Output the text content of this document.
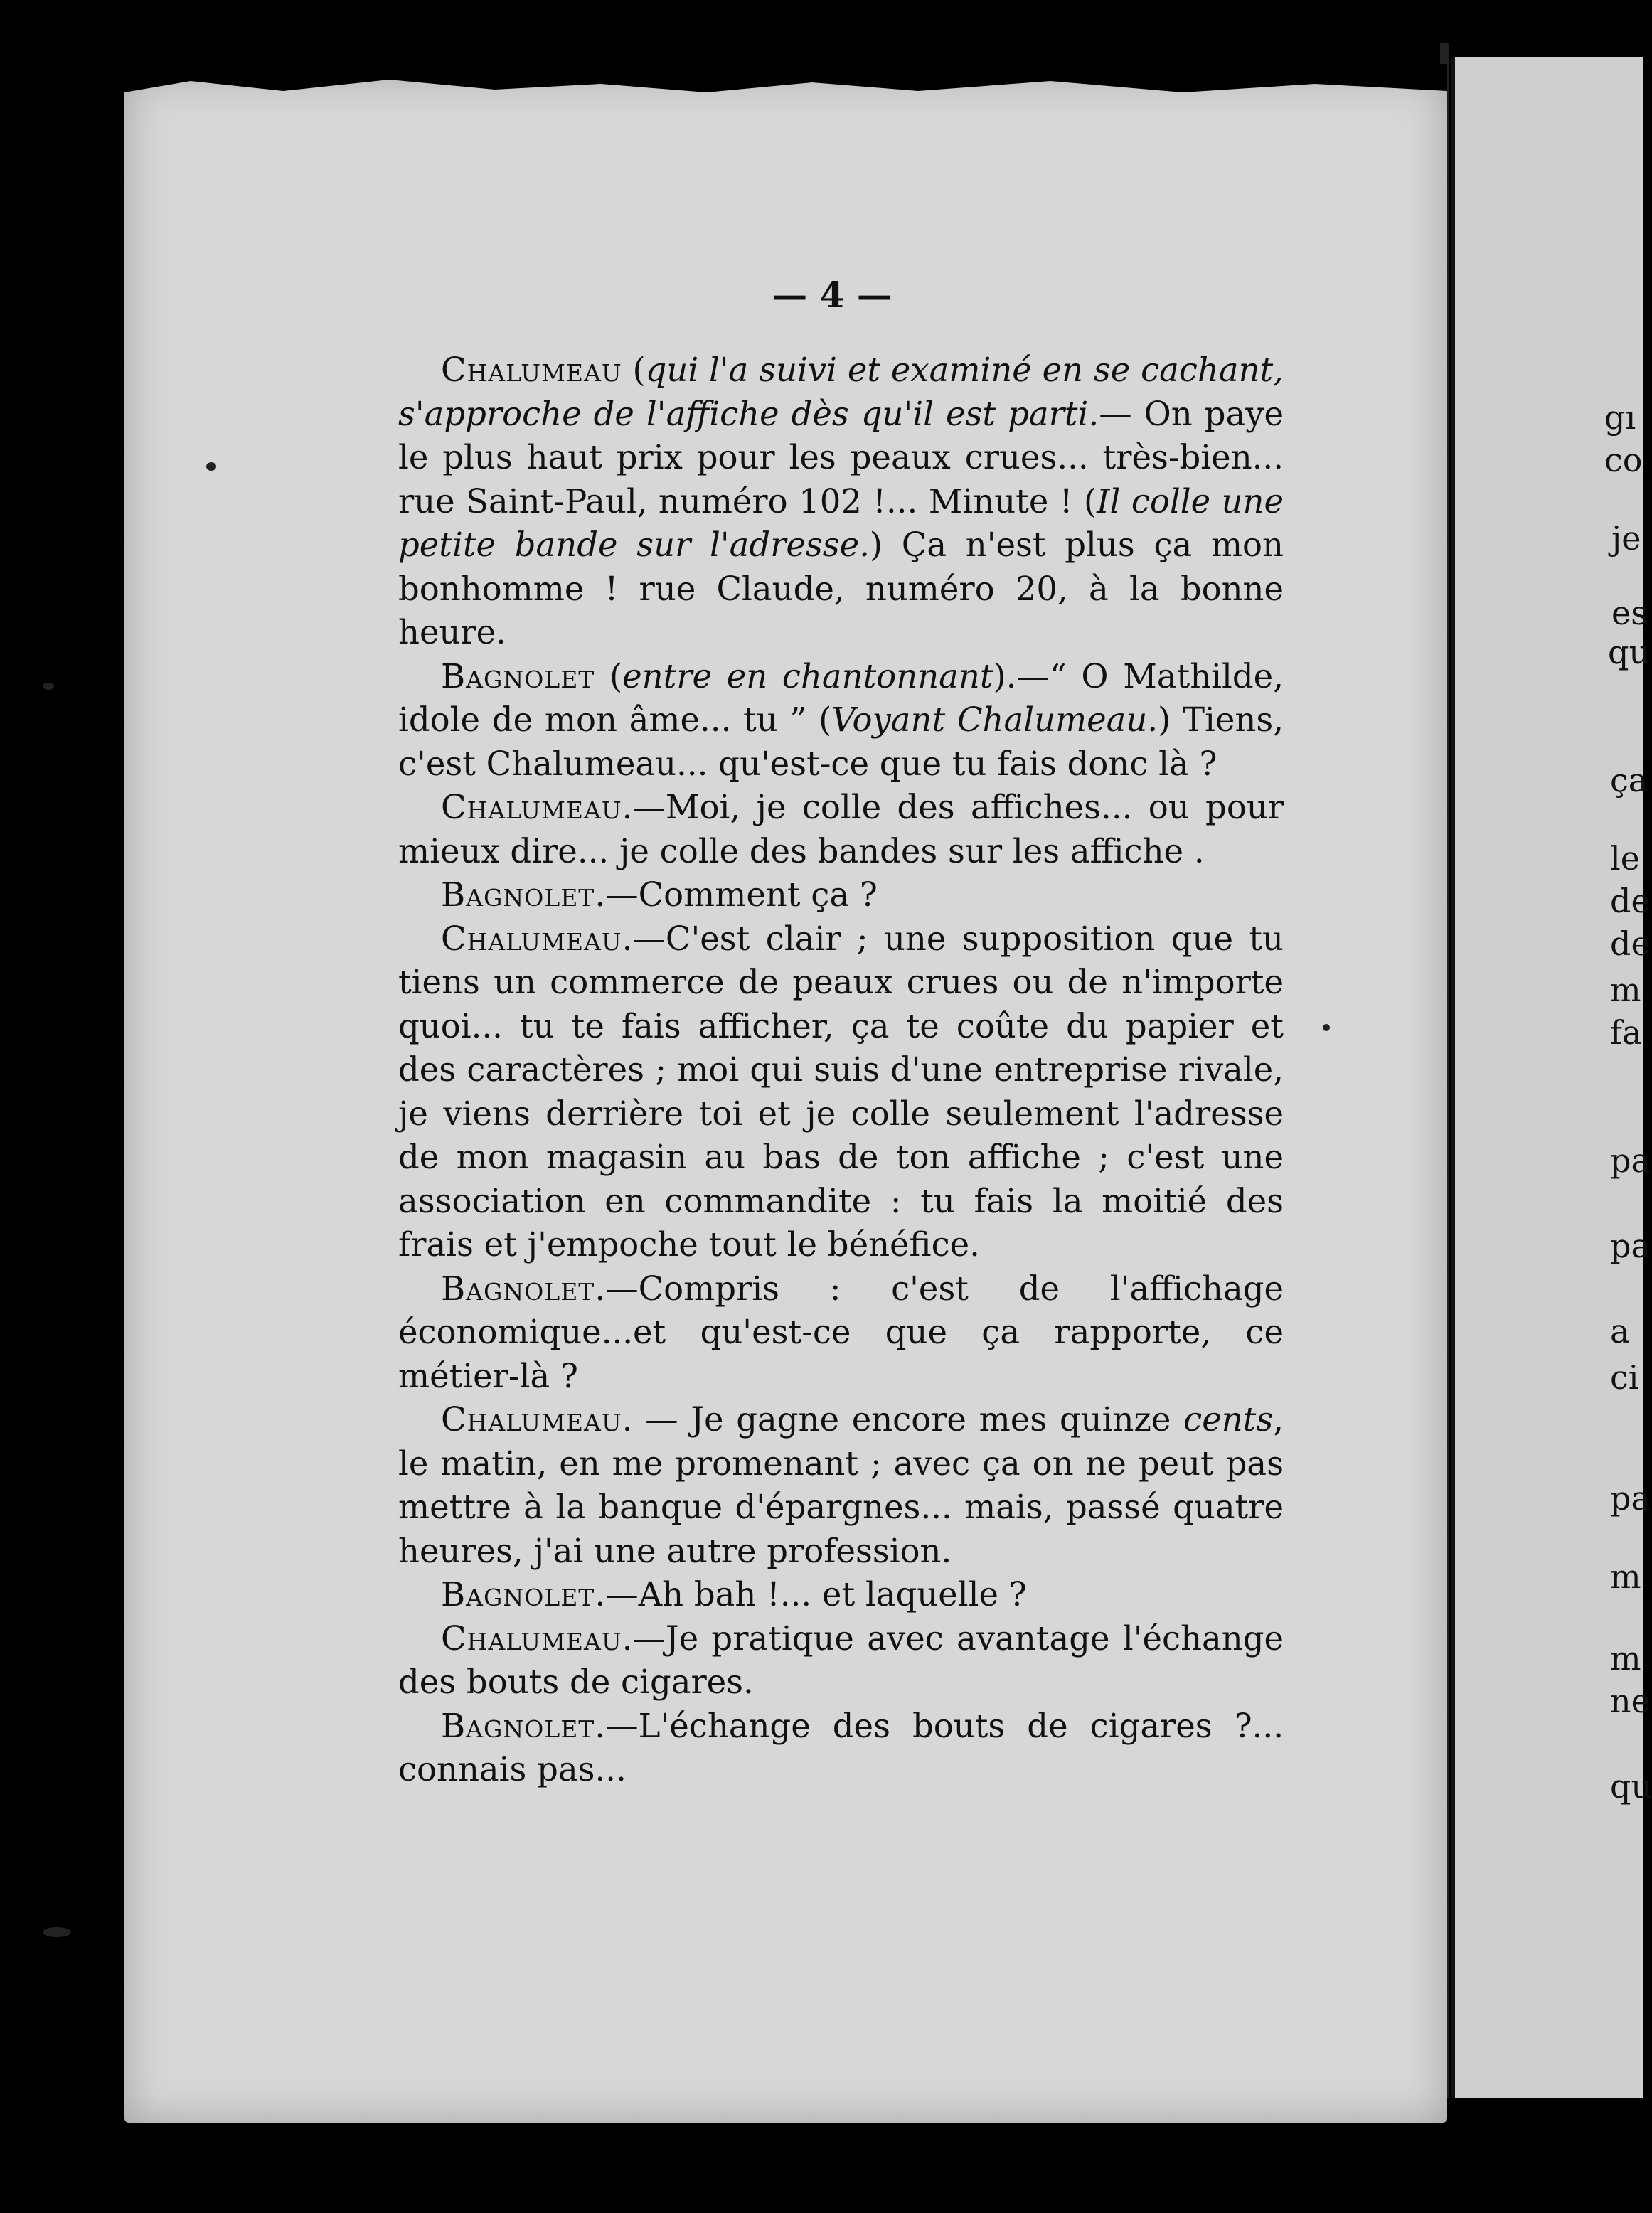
gı
co
je
es
qu
ça
le
de
de
m
fa
pa
pa
a
ci
pa
m
m
ne
qu
— 4 —

Chalumeau (qui l'a suivi et examiné en se cachant, s'approche de l'affiche dès qu'il est parti.— On paye le plus haut prix pour les peaux crues... très-bien... rue Saint-Paul, numéro 102 !... Minute ! (Il colle une petite bande sur l'adresse.) Ça n'est plus ça mon bonhomme ! rue Claude, numéro 20, à la bonne heure.

Bagnolet (entre en chantonnant).—“ O Mathilde, idole de mon âme... tu ” (Voyant Chalumeau.) Tiens, c'est Chalumeau... qu'est-ce que tu fais donc là ?

Chalumeau.—Moi, je colle des affiches... ou pour mieux dire... je colle des bandes sur les affiche .

Bagnolet.—Comment ça ?

Chalumeau.—C'est clair ; une supposition que tu tiens un commerce de peaux crues ou de n'importe quoi... tu te fais afficher, ça te coûte du papier et des caractères ; moi qui suis d'une entreprise rivale, je viens derrière toi et je colle seulement l'adresse de mon magasin au bas de ton affiche ; c'est une association en commandite : tu fais la moitié des frais et j'empoche tout le bénéfice.

Bagnolet.—Compris : c'est de l'affichage économique...et qu'est-ce que ça rapporte, ce métier-là ?

Chalumeau. — Je gagne encore mes quinze cents, le matin, en me promenant ; avec ça on ne peut pas mettre à la banque d'épargnes... mais, passé quatre heures, j'ai une autre profession.

Bagnolet.—Ah bah !... et laquelle ?

Chalumeau.—Je pratique avec avantage l'échange des bouts de cigares.

Bagnolet.—L'échange des bouts de cigares ?... connais pas...
